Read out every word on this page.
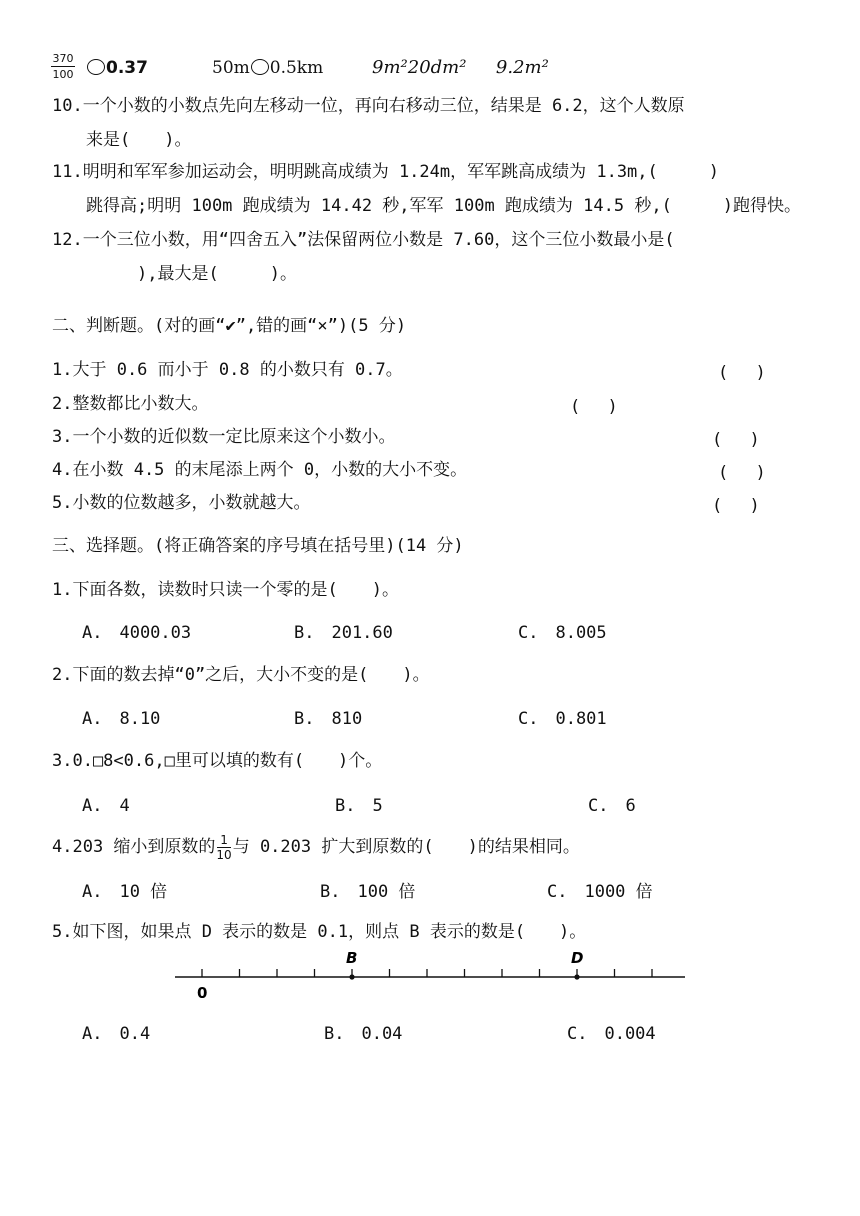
370
100	0.37	50m 0.5km	9m²20dm² 9.2m²
10.一个小数的小数点先向左移动一位，再向右移动三位，结果是 6.2，这个人数原
来是(　　)。
11.明明和军军参加运动会，明明跳高成绩为 1.24m，军军跳高成绩为 1.3m,(　　　)
跳得高;明明 100m 跑成绩为 14.42 秒,军军 100m 跑成绩为 14.5 秒,(　　　)跑得快。
12.一个三位小数，用“四舍五入”法保留两位小数是 7.60，这个三位小数最小是(
　　　),最大是(　　　)。
二、判断题。(对的画“✔”,错的画“×”)(5 分)
1.大于 0.6 而小于 0.8 的小数只有 0.7。	(　 )
2.整数都比小数大。	(　 )
3.一个小数的近似数一定比原来这个小数小。	(　 )
4.在小数 4.5 的末尾添上两个 0，小数的大小不变。	(　 )
5.小数的位数越多，小数就越大。	(　 )
三、选择题。(将正确答案的序号填在括号里)(14 分)
1.下面各数，读数时只读一个零的是(　　)。
A.　4000.03	B.　201.60	C.　8.005
2.下面的数去掉“0”之后，大小不变的是(　　)。
A.　8.10	B.　810	C.　0.801
3.0.□8<0.6,□里可以填的数有(　　)个。
A.　4	B.　5	C.　6
4.203 缩小到原数的 $\frac{1}{10}$ 与 0.203 扩大到原数的(　　)的结果相同。
A.　10 倍	B.　100 倍	C.　1000 倍
5.如下图，如果点 D 表示的数是 0.1，则点 B 表示的数是(　　)。
B	D
0
A.　0.4	B.　0.04	C.　0.004
